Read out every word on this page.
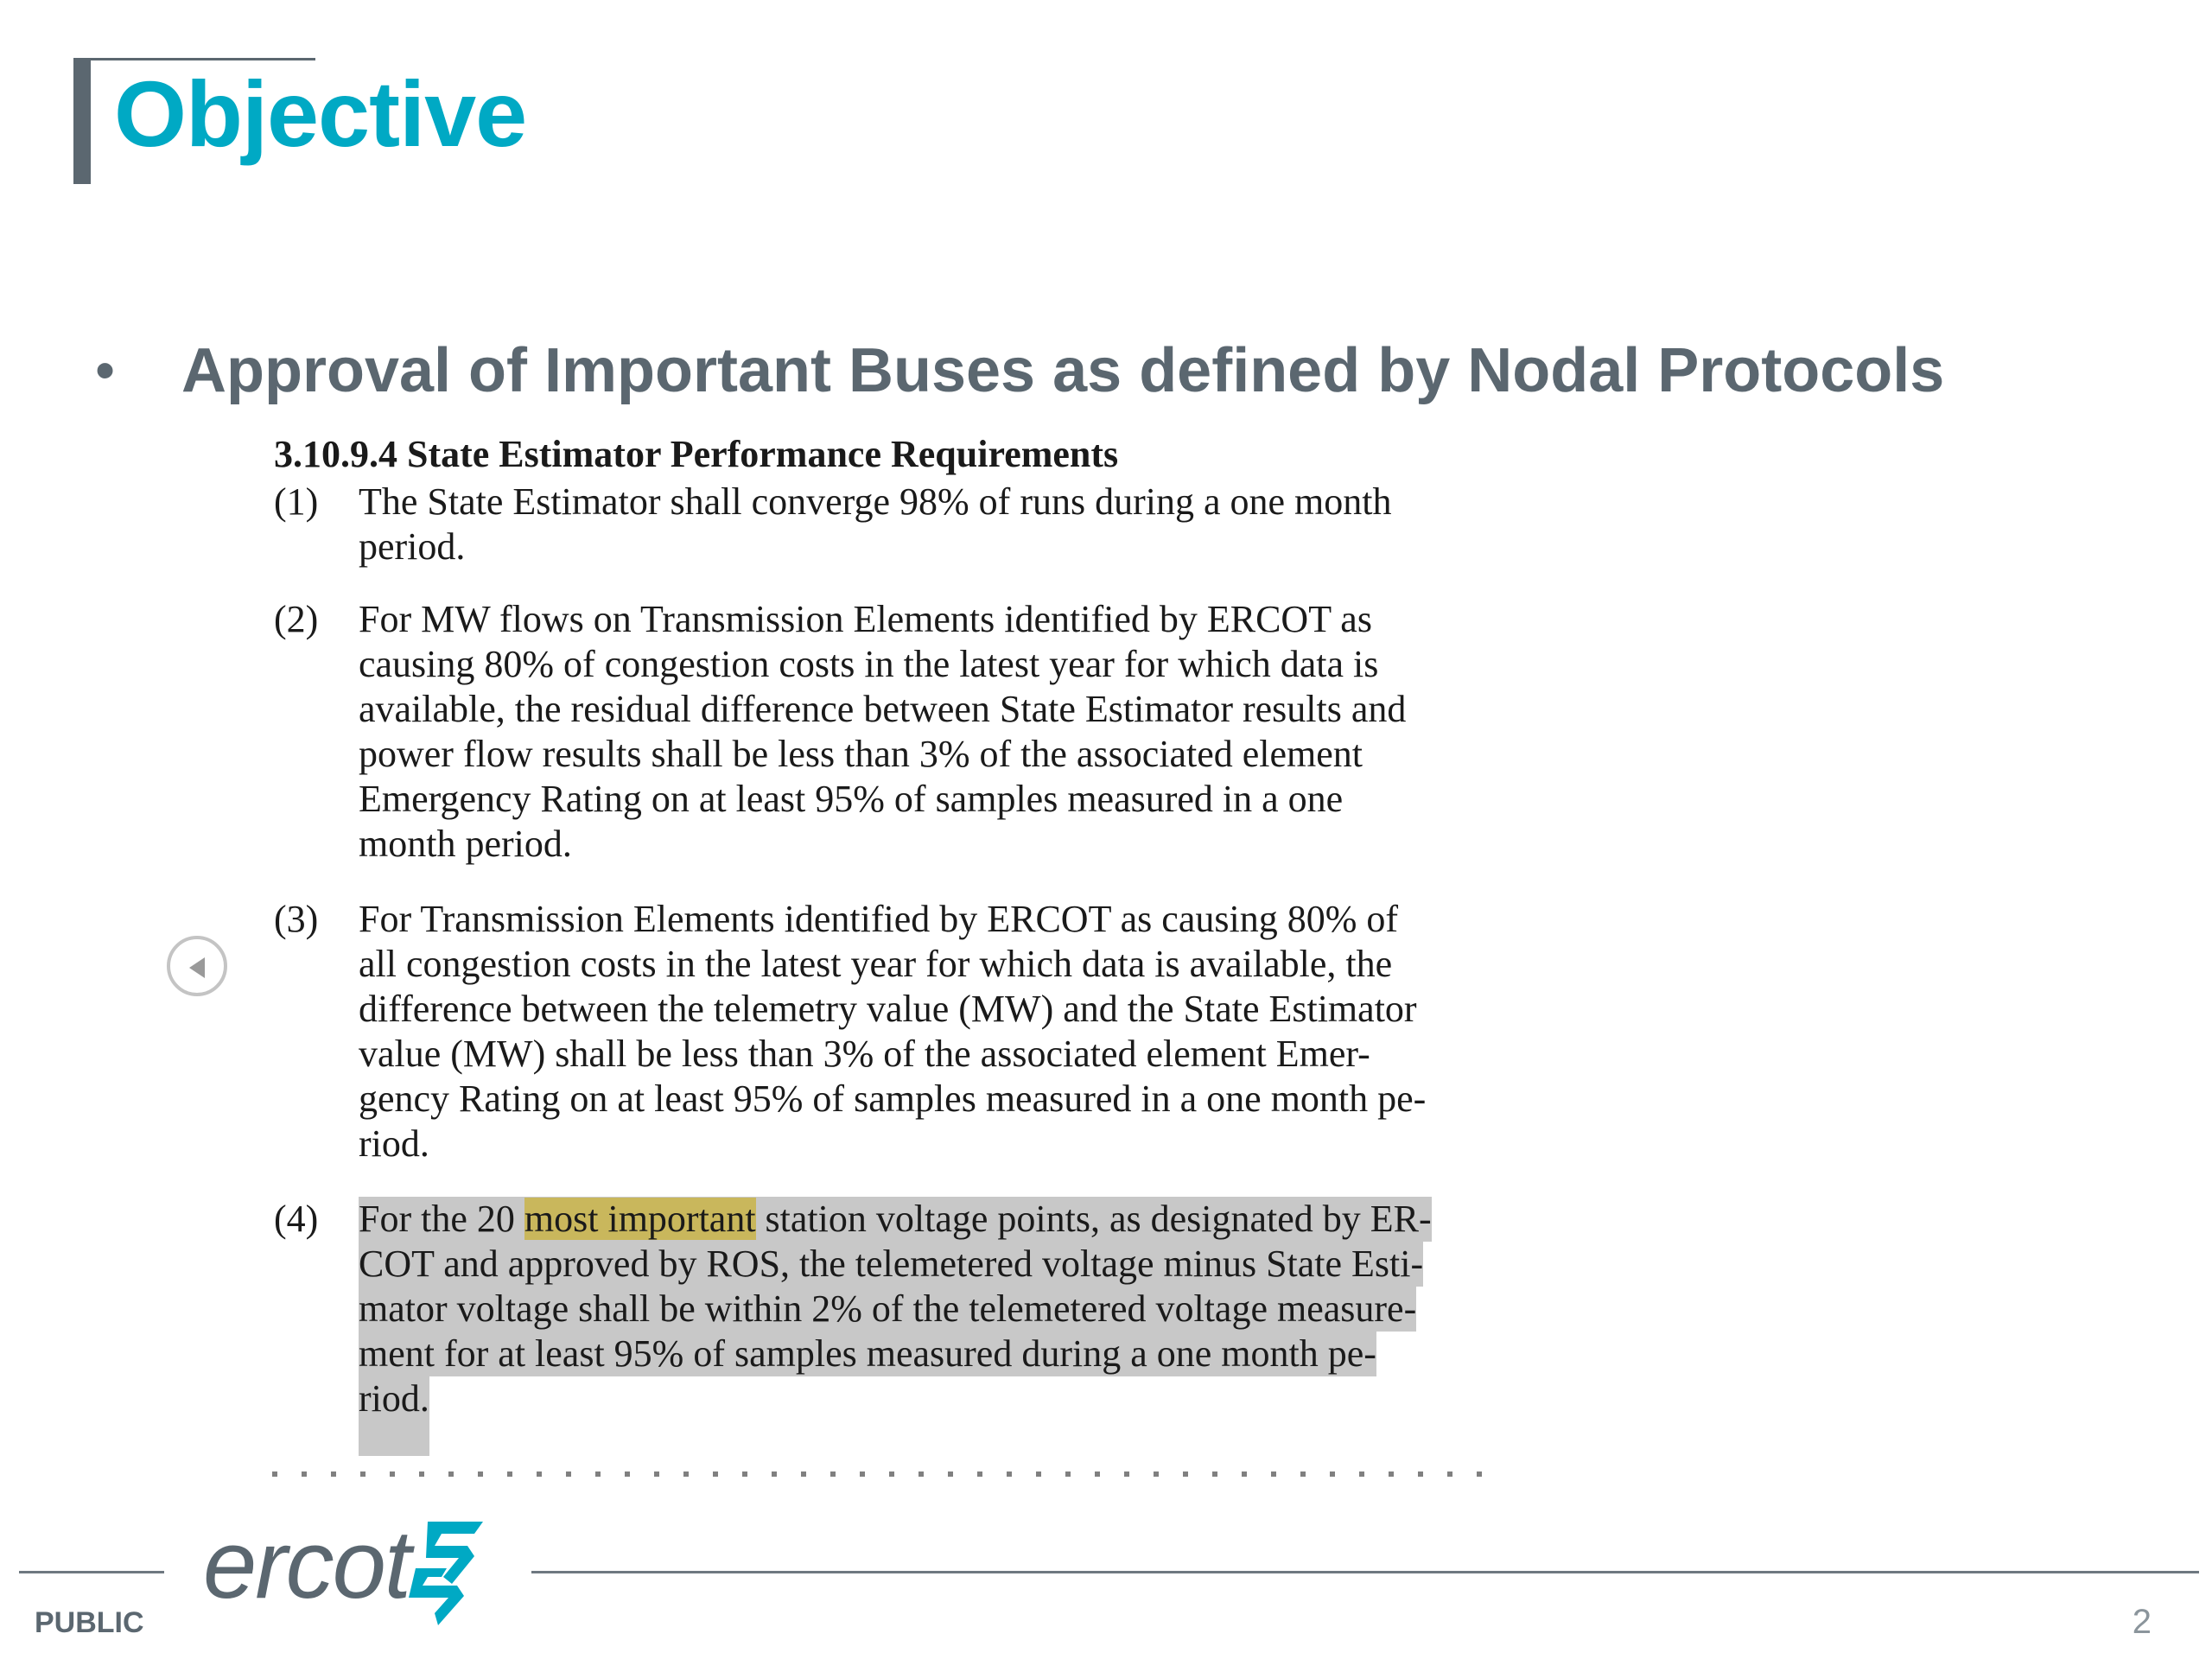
Objective
• Approval of Important Buses as defined by Nodal Protocols
3.10.9.4 State Estimator Performance Requirements
(1) The State Estimator shall converge 98% of runs during a one month
period.
(2) For MW flows on Transmission Elements identified by ERCOT as
causing 80% of congestion costs in the latest year for which data is
available, the residual difference between State Estimator results and
power flow results shall be less than 3% of the associated element
Emergency Rating on at least 95% of samples measured in a one
month period.
(3) For Transmission Elements identified by ERCOT as causing 80% of
all congestion costs in the latest year for which data is available, the
difference between the telemetry value (MW) and the State Estimator
value (MW) shall be less than 3% of the associated element Emer-
gency Rating on at least 95% of samples measured in a one month pe-
riod.
(4) For the 20 most important station voltage points, as designated by ER-
COT and approved by ROS, the telemetered voltage minus State Esti-
mator voltage shall be within 2% of the telemetered voltage measure-
ment for at least 95% of samples measured during a one month pe-
riod.
ercot
PUBLIC	2
